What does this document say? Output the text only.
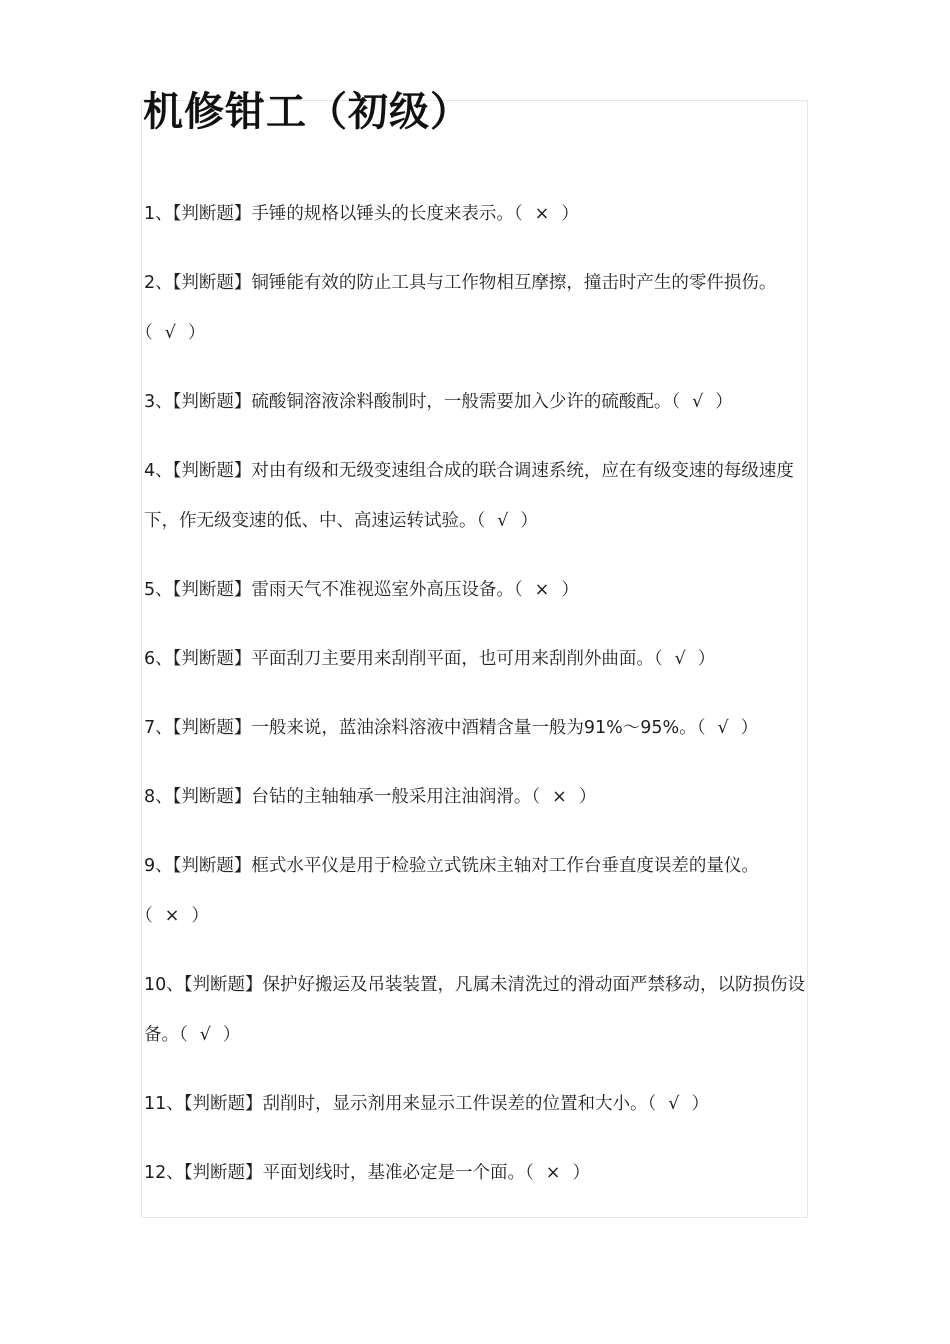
机修钳工（初级）
1、【判断题】手锤的规格以锤头的长度来表示。（ × ）
2、【判断题】铜锤能有效的防止工具与工作物相互摩擦，撞击时产生的零件损伤。（ √ ）
3、【判断题】硫酸铜溶液涂料酸制时，一般需要加入少许的硫酸配。（ √ ）
4、【判断题】对由有级和无级变速组合成的联合调速系统，应在有级变速的每级速度下，作无级变速的低、中、高速运转试验。（ √ ）
5、【判断题】雷雨天气不准视巡室外高压设备。（ × ）
6、【判断题】平面刮刀主要用来刮削平面，也可用来刮削外曲面。（ √ ）
7、【判断题】一般来说，蓝油涂料溶液中酒精含量一般为91%～95%。（ √ ）
8、【判断题】台钻的主轴轴承一般采用注油润滑。（ × ）
9、【判断题】框式水平仪是用于检验立式铣床主轴对工作台垂直度误差的量仪。（ × ）
10、【判断题】保护好搬运及吊装装置，凡属未清洗过的滑动面严禁移动，以防损伤设备。（ √ ）
11、【判断题】刮削时，显示剂用来显示工件误差的位置和大小。（ √ ）
12、【判断题】平面划线时，基准必定是一个面。（ × ）
